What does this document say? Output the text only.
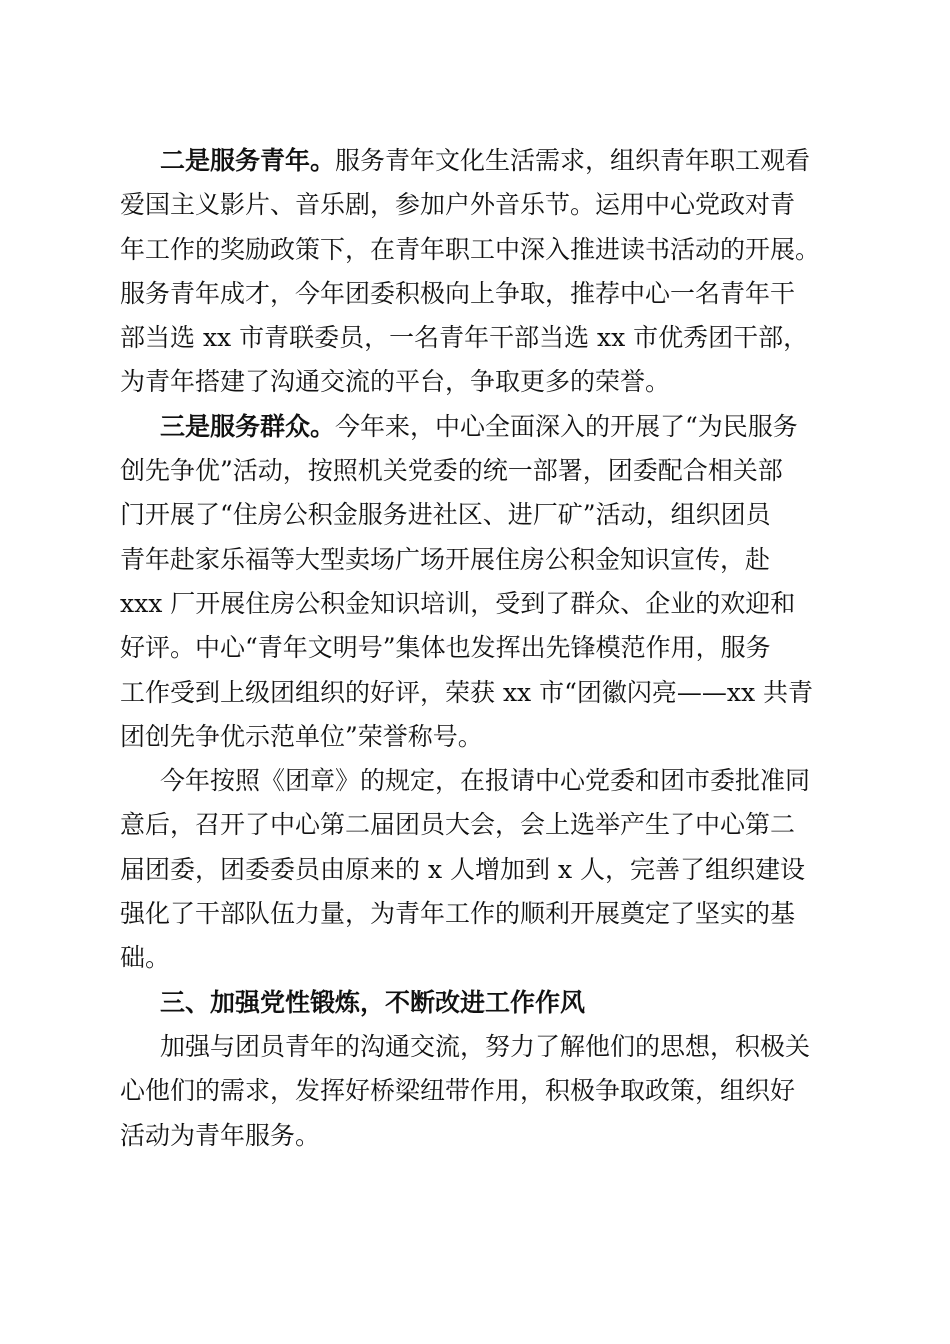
二是服务青年。服务青年文化生活需求，组织青年职工观看
爱国主义影片、音乐剧，参加户外音乐节。运用中心党政对青
年工作的奖励政策下，在青年职工中深入推进读书活动的开展。
服务青年成才，今年团委积极向上争取，推荐中心一名青年干
部当选 xx 市青联委员，一名青年干部当选 xx 市优秀团干部，
为青年搭建了沟通交流的平台，争取更多的荣誉。
三是服务群众。今年来，中心全面深入的开展了“为民服务
创先争优”活动，按照机关党委的统一部署，团委配合相关部
门开展了“住房公积金服务进社区、进厂矿”活动，组织团员
青年赴家乐福等大型卖场广场开展住房公积金知识宣传，赴
xxx 厂开展住房公积金知识培训，受到了群众、企业的欢迎和
好评。中心“青年文明号”集体也发挥出先锋模范作用，服务
工作受到上级团组织的好评，荣获 xx 市“团徽闪亮——xx 共青
团创先争优示范单位”荣誉称号。
今年按照《团章》的规定，在报请中心党委和团市委批准同
意后，召开了中心第二届团员大会，会上选举产生了中心第二
届团委，团委委员由原来的 x 人增加到 x 人，完善了组织建设
强化了干部队伍力量，为青年工作的顺利开展奠定了坚实的基
础。
三、加强党性锻炼，不断改进工作作风
加强与团员青年的沟通交流，努力了解他们的思想，积极关
心他们的需求，发挥好桥梁纽带作用，积极争取政策，组织好
活动为青年服务。
